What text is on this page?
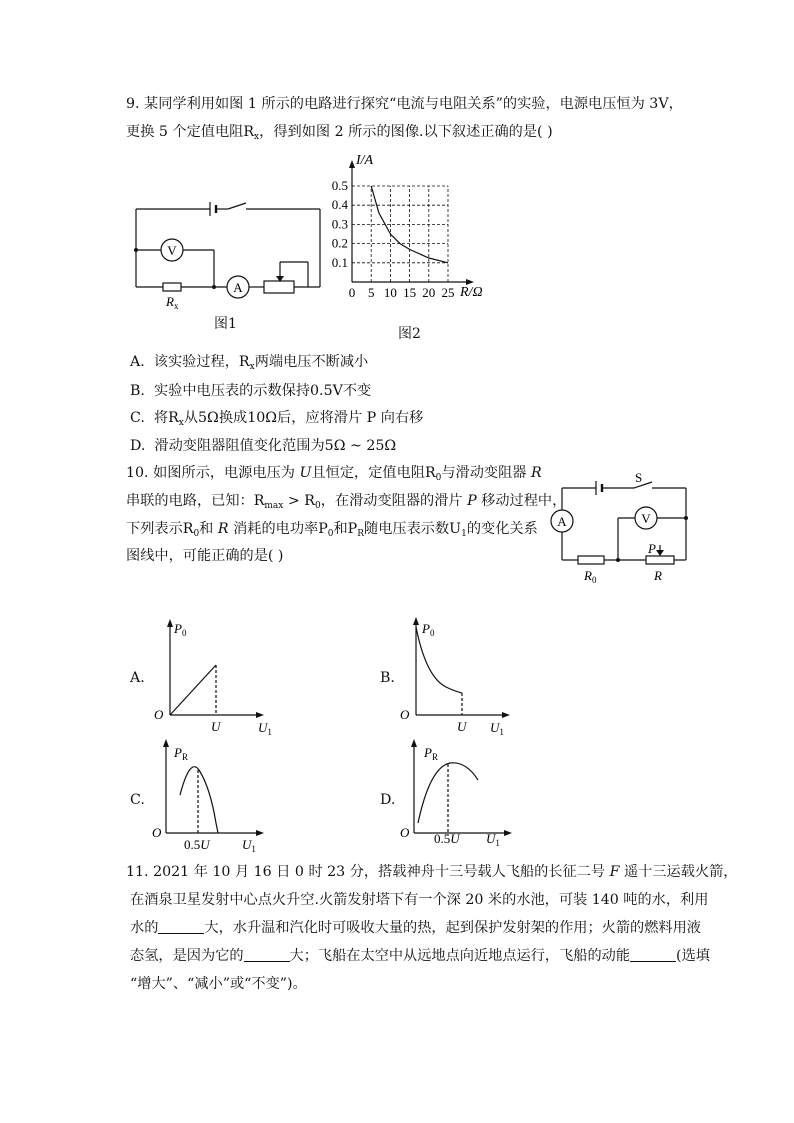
9. 某同学利用如图 1 所示的电路进行探究“电流与电阻关系”的实验，电源电压恒为 3V，
更换 5 个定值电阻$R_x$，得到如图 2 所示的图像.以下叙述正确的是( )
V
A
$R_x$
图1
0 5 10 15 20 25
0.1
0.2
0.3
0.4
0.5
I/A
R/Ω
图2
A. 该实验过程，$R_x$两端电压不断减小
B. 实验中电压表的示数保持0.5V不变
C. 将$R_x$从5Ω换成10Ω后，应将滑片 P 向右移
D. 滑动变阻器阻值变化范围为5Ω ~ 25Ω
10. 如图所示，电源电压为 U且恒定，定值电阻$R_0$与滑动变阻器 R
串联的电路，已知：$R_{max} > R_0$，在滑动变阻器的滑片 P 移动过程中，
下列表示$R_0$和 R 消耗的电功率$P_0$和$P_R$随电压表示数$U_1$的变化关系
图线中，可能正确的是( )
A	V
S
P
$R_0$	R
A.
$P_0$
O
U	$U_1$
B.
$P_0$
O
U $U_1$
C.
$P_R$
O
0.5U $U_1$
D.
$P_R$
O 0.5U $U_1$
11. 2021 年 10 月 16 日 0 时 23 分，搭载神舟十三号载人飞船的长征二号 F 遥十三运载火箭，
在酒泉卫星发射中心点火升空.火箭发射塔下有一个深 20 米的水池，可装 140 吨的水，利用
水的	大，水升温和汽化时可吸收大量的热，起到保护发射架的作用；火箭的燃料用液
态氢，是因为它的	大；飞船在太空中从远地点向近地点运行，飞船的动能	(选填
“增大”、“减小”或“不变”)。
